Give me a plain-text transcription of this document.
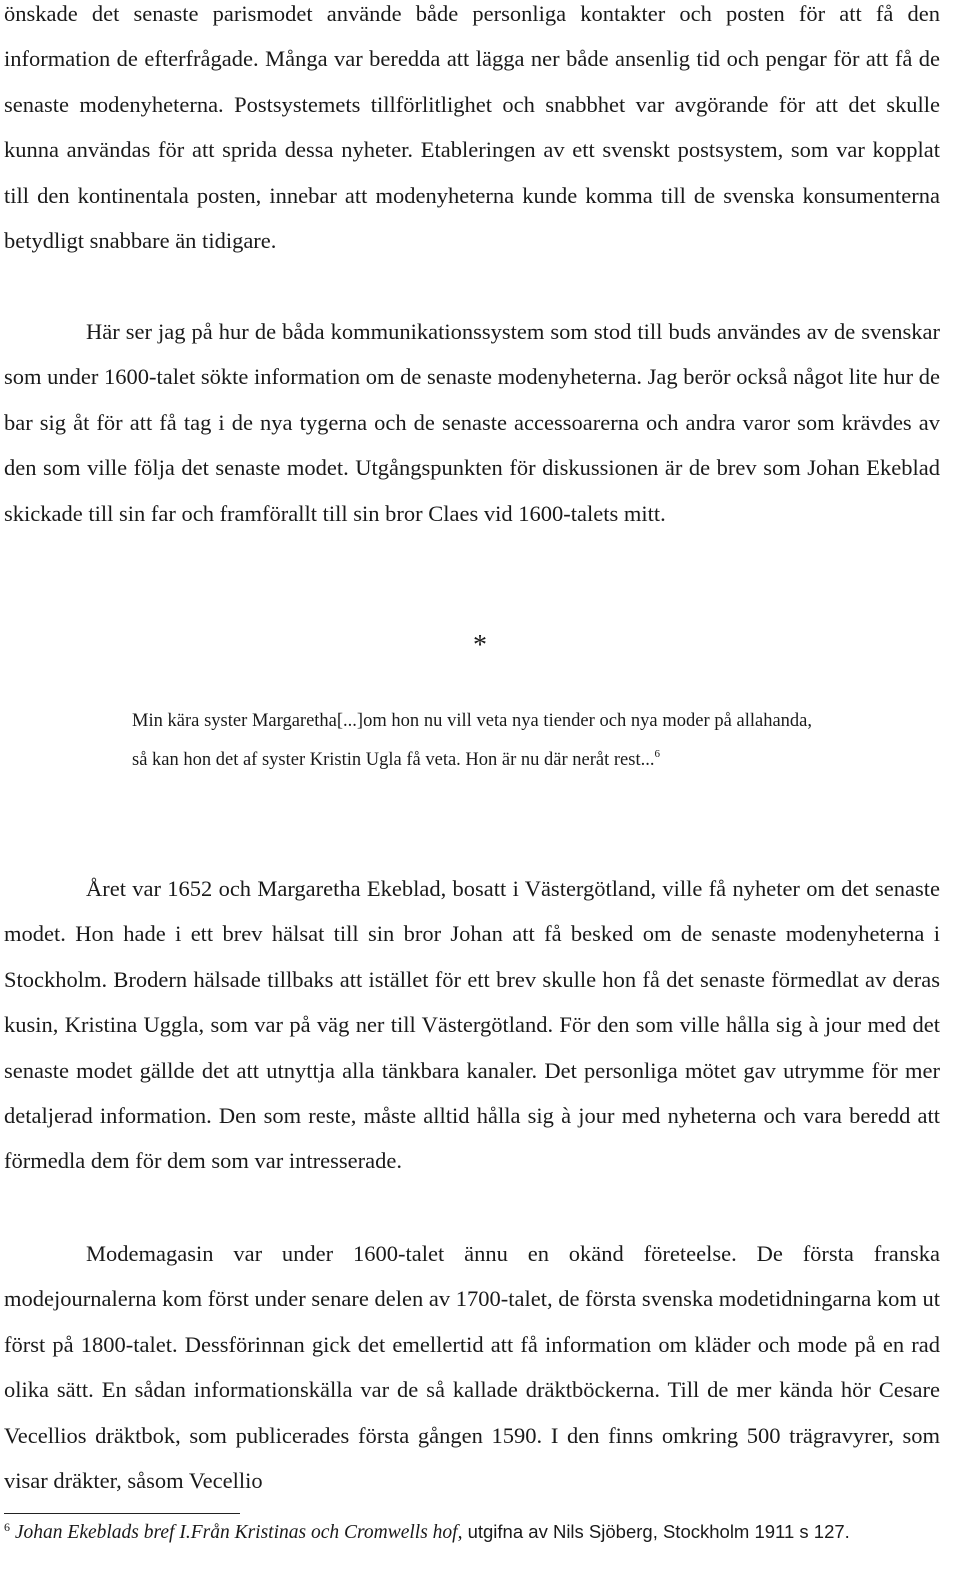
önskade det senaste parismodet använde både personliga kontakter och posten för att få den information de efterfrågade. Många var beredda att lägga ner både ansenlig tid och pengar för att få de senaste modenyheterna. Postsystemets tillförlitlighet och snabbhet var avgörande för att det skulle kunna användas för att sprida dessa nyheter. Etableringen av ett svenskt postsystem, som var kopplat till den kontinentala posten, innebar att modenyheterna kunde komma till de svenska konsumenterna betydligt snabbare än tidigare.

Här ser jag på hur de båda kommunikationssystem som stod till buds användes av de svenskar som under 1600-talet sökte information om de senaste modenyheterna. Jag berör också något lite hur de bar sig åt för att få tag i de nya tygerna och de senaste accessoarerna och andra varor som krävdes av den som ville följa det senaste modet. Utgångspunkten för diskussionen är de brev som Johan Ekeblad skickade till sin far och framförallt till sin bror Claes vid 1600-talets mitt.

*

Min kära syster Margaretha[...]om hon nu vill veta nya tiender och nya moder på allahanda, så kan hon det af syster Kristin Ugla få veta. Hon är nu där neråt rest...$^6$

Året var 1652 och Margaretha Ekeblad, bosatt i Västergötland, ville få nyheter om det senaste modet. Hon hade i ett brev hälsat till sin bror Johan att få besked om de senaste modenyheterna i Stockholm. Brodern hälsade tillbaks att istället för ett brev skulle hon få det senaste förmedlat av deras kusin, Kristina Uggla, som var på väg ner till Västergötland. För den som ville hålla sig à jour med det senaste modet gällde det att utnyttja alla tänkbara kanaler. Det personliga mötet gav utrymme för mer detaljerad information. Den som reste, måste alltid hålla sig à jour med nyheterna och vara beredd att förmedla dem för dem som var intresserade.

Modemagasin var under 1600-talet ännu en okänd företeelse. De första franska modejournalerna kom först under senare delen av 1700-talet, de första svenska modetidningarna kom ut först på 1800-talet. Dessförinnan gick det emellertid att få information om kläder och mode på en rad olika sätt. En sådan informationskälla var de så kallade dräktböckerna. Till de mer kända hör Cesare Vecellios dräktbok, som publicerades första gången 1590. I den finns omkring 500 trägravyrer, som visar dräkter, såsom Vecellio

$^6$ Johan Ekeblads bref I.Från Kristinas och Cromwells hof, utgifna av Nils Sjöberg, Stockholm 1911 s 127.
